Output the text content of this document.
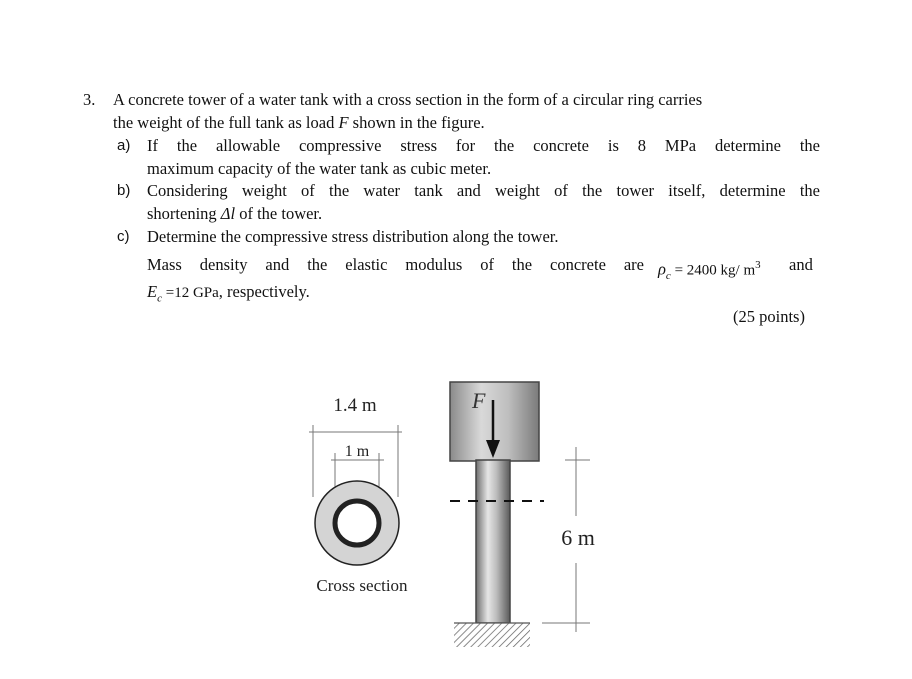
3. A concrete tower of a water tank with a cross section in the form of a circular ring carries
the weight of the full tank as load F shown in the figure.
a) If the allowable compressive stress for the concrete is 8 MPa determine the
maximum capacity of the water tank as cubic meter.
b) Considering weight of the water tank and weight of the tower itself, determine the
shortening Δl of the tower.
c) Determine the compressive stress distribution along the tower.
Mass density and the elastic modulus of the concrete are $\rho_c = 2400$ kg/ $m^3$ and
$E_c =12$ GPa, respectively.
(25 points)
1.4 m
1 m
Cross section
F
6 m
